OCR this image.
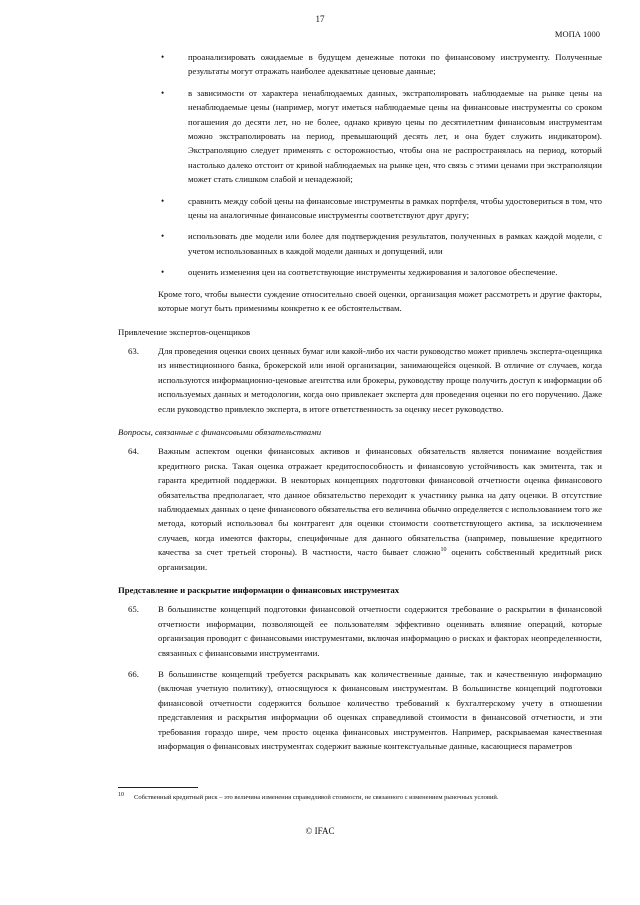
17
МОПА 1000
•	проанализировать ожидаемые в будущем денежные потоки по финансовому инструменту. Полученные результаты могут отражать наиболее адекватные ценовые данные;
•	в зависимости от характера ненаблюдаемых данных, экстраполировать наблюдаемые на рынке цены на ненаблюдаемые цены (например, могут иметься наблюдаемые цены на финансовые инструменты со сроком погашения до десяти лет, но не более, однако кривую цены по десятилетним финансовым инструментам можно экстраполировать на период, превышающий десять лет, и она будет служить индикатором). Экстраполяцию следует применять с осторожностью, чтобы она не распространялась на период, который настолько далеко отстоит от кривой наблюдаемых на рынке цен, что связь с этими ценами при экстраполяции может стать слишком слабой и ненадежной;
•	сравнить между собой цены на финансовые инструменты в рамках портфеля, чтобы удостовериться в том, что цены на аналогичные финансовые инструменты соответствуют друг другу;
•	использовать две модели или более для подтверждения результатов, полученных в рамках каждой модели, с учетом использованных в каждой модели данных и допущений, или
•	оценить изменения цен на соответствующие инструменты хеджирования и залоговое обеспечение.

Кроме того, чтобы вынести суждение относительно своей оценки, организация может рассмотреть и другие факторы, которые могут быть применимы конкретно к ее обстоятельствам.

Привлечение экспертов-оценщиков
63. Для проведения оценки своих ценных бумаг или какой-либо их части руководство может привлечь эксперта-оценщика из инвестиционного банка, брокерской или иной организации, занимающейся оценкой. В отличие от случаев, когда используются информационно-ценовые агентства или брокеры, руководству проще получить доступ к информации об используемых данных и методологии, когда оно привлекает эксперта для проведения оценки по его поручению. Даже если руководство привлекло эксперта, в итоге ответственность за оценку несет руководство.
Вопросы, связанные с финансовыми обязательствами
64. Важным аспектом оценки финансовых активов и финансовых обязательств является понимание воздействия кредитного риска. Такая оценка отражает кредитоспособность и финансовую устойчивость как эмитента, так и гаранта кредитной поддержки. В некоторых концепциях подготовки финансовой отчетности оценка финансового обязательства предполагает, что данное обязательство переходит к участнику рынка на дату оценки. В отсутствие наблюдаемых данных о цене финансового обязательства его величина обычно определяется с использованием того же метода, который использовал бы контрагент для оценки стоимости соответствующего актива, за исключением случаев, когда имеются факторы, специфичные для данного обязательства (например, повышение кредитного качества за счет третьей стороны). В частности, часто бывает сложно$^{10}$ оценить собственный кредитный риск организации.
Представление и раскрытие информации о финансовых инструментах
65. В большинстве концепций подготовки финансовой отчетности содержится требование о раскрытии в финансовой отчетности информации, позволяющей ее пользователям эффективно оценивать влияние операций, которые организация проводит с финансовыми инструментами, включая информацию о рисках и факторах неопределенности, связанных с финансовыми инструментами.
66. В большинстве концепций требуется раскрывать как количественные данные, так и качественную информацию (включая учетную политику), относящуюся к финансовым инструментам. В большинстве концепций подготовки финансовой отчетности содержится большое количество требований к бухгалтерскому учету в отношении представления и раскрытия информации об оценках справедливой стоимости в финансовой отчетности, и эти требования гораздо шире, чем просто оценка финансовых инструментов. Например, раскрываемая качественная информация о финансовых инструментах содержит важные контекстуальные данные, касающиеся параметров
10	Собственный кредитный риск – это величина изменения справедливой стоимости, не связанного с изменением рыночных условий.
© IFAC
